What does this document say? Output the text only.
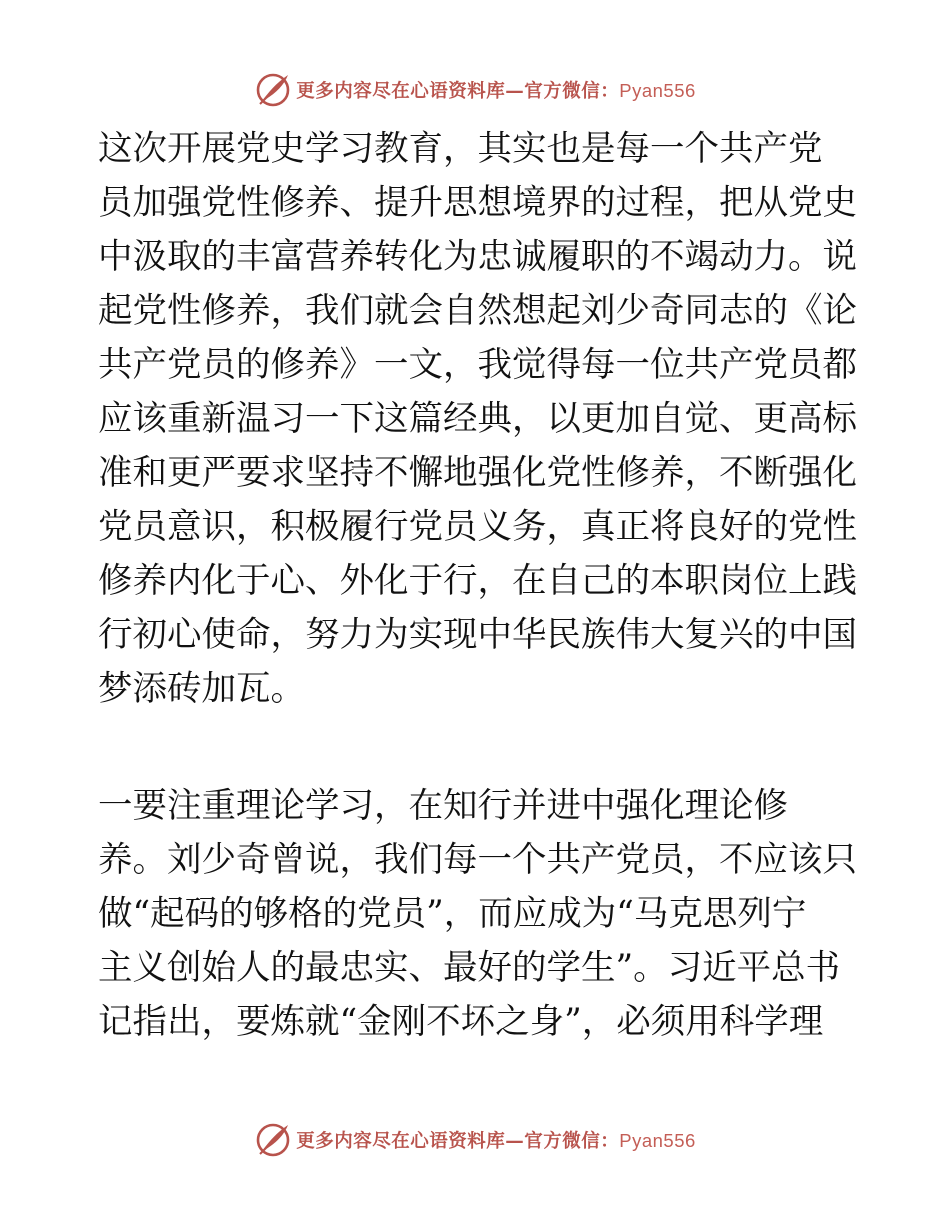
更多内容尽在心语资料库—官方微信：Pyan556
这次开展党史学习教育，其实也是每一个共产党
员加强党性修养、提升思想境界的过程，把从党史
中汲取的丰富营养转化为忠诚履职的不竭动力。说
起党性修养，我们就会自然想起刘少奇同志的《论
共产党员的修养》一文，我觉得每一位共产党员都
应该重新温习一下这篇经典，以更加自觉、更高标
准和更严要求坚持不懈地强化党性修养，不断强化
党员意识，积极履行党员义务，真正将良好的党性
修养内化于心、外化于行，在自己的本职岗位上践
行初心使命，努力为实现中华民族伟大复兴的中国
梦添砖加瓦。
一要注重理论学习，在知行并进中强化理论修
养。刘少奇曾说，我们每一个共产党员，不应该只
做“起码的够格的党员”，而应成为“马克思列宁
主义创始人的最忠实、最好的学生”。习近平总书
记指出，要炼就“金刚不坏之身”，必须用科学理
更多内容尽在心语资料库—官方微信：Pyan556
